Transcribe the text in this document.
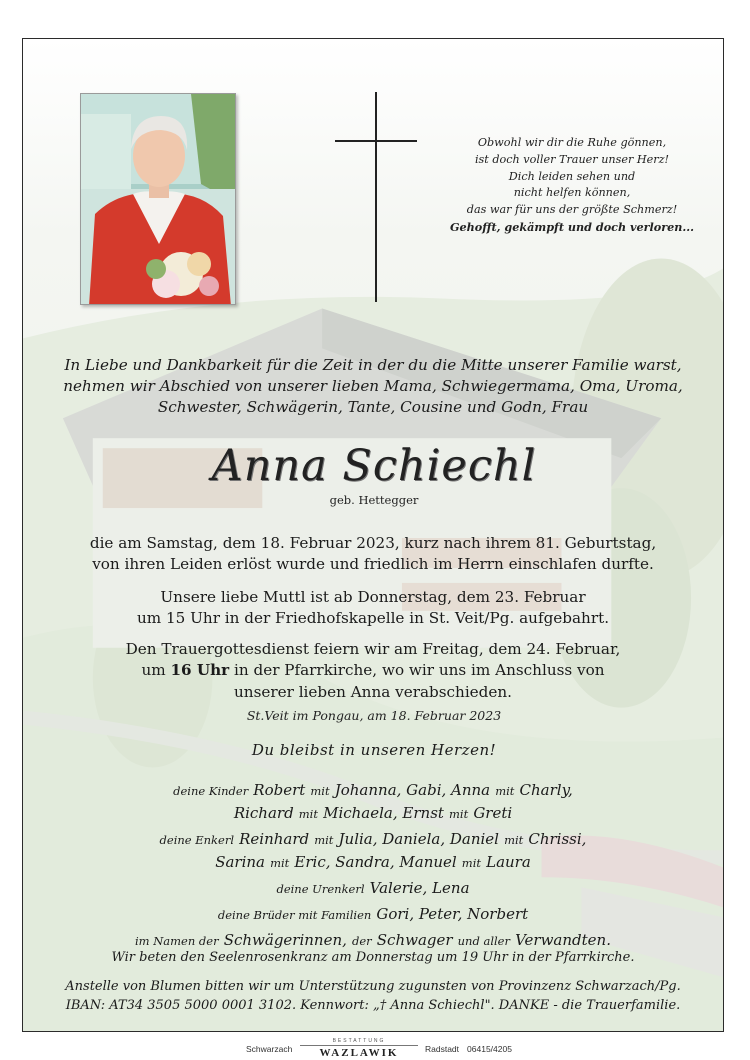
Obwohl wir dir die Ruhe gönnen,
ist doch voller Trauer unser Herz!
Dich leiden sehen und
nicht helfen können,
das war für uns der größte Schmerz!
Gehofft, gekämpft und doch verloren...
In Liebe und Dankbarkeit für die Zeit in der du die Mitte unserer Familie warst,
nehmen wir Abschied von unserer lieben Mama, Schwiegermama, Oma, Uroma,
Schwester, Schwägerin, Tante, Cousine und Godn, Frau
Anna Schiechl
geb. Hettegger
die am Samstag, dem 18. Februar 2023, kurz nach ihrem 81. Geburtstag,
von ihren Leiden erlöst wurde und friedlich im Herrn einschlafen durfte.
Unsere liebe Muttl ist ab Donnerstag, dem 23. Februar
um 15 Uhr in der Friedhofskapelle in St. Veit/Pg. aufgebahrt.
Den Trauergottesdienst feiern wir am Freitag, dem 24. Februar,
um 16 Uhr in der Pfarrkirche, wo wir uns im Anschluss von
unserer lieben Anna verabschieden.
St.Veit im Pongau, am 18. Februar 2023
Du bleibst in unseren Herzen!
deine Kinder Robert mit Johanna, Gabi, Anna mit Charly,
Richard mit Michaela, Ernst mit Greti
deine Enkerl Reinhard mit Julia, Daniela, Daniel mit Chrissi,
Sarina mit Eric, Sandra, Manuel mit Laura
deine Urenkerl Valerie, Lena
deine Brüder mit Familien Gori, Peter, Norbert
im Namen der Schwägerinnen, der Schwager und aller Verwandten.
Wir beten den Seelenrosenkranz am Donnerstag um 19 Uhr in der Pfarrkirche.
Anstelle von Blumen bitten wir um Unterstützung zugunsten von Provinzenz Schwarzach/Pg.
IBAN: AT34 3505 5000 0001 3102. Kennwort: „† Anna Schiechl". DANKE - die Trauerfamilie.
Schwarzach
BESTATTUNG
WAZLAWIK	Radstadt 06415/4205
